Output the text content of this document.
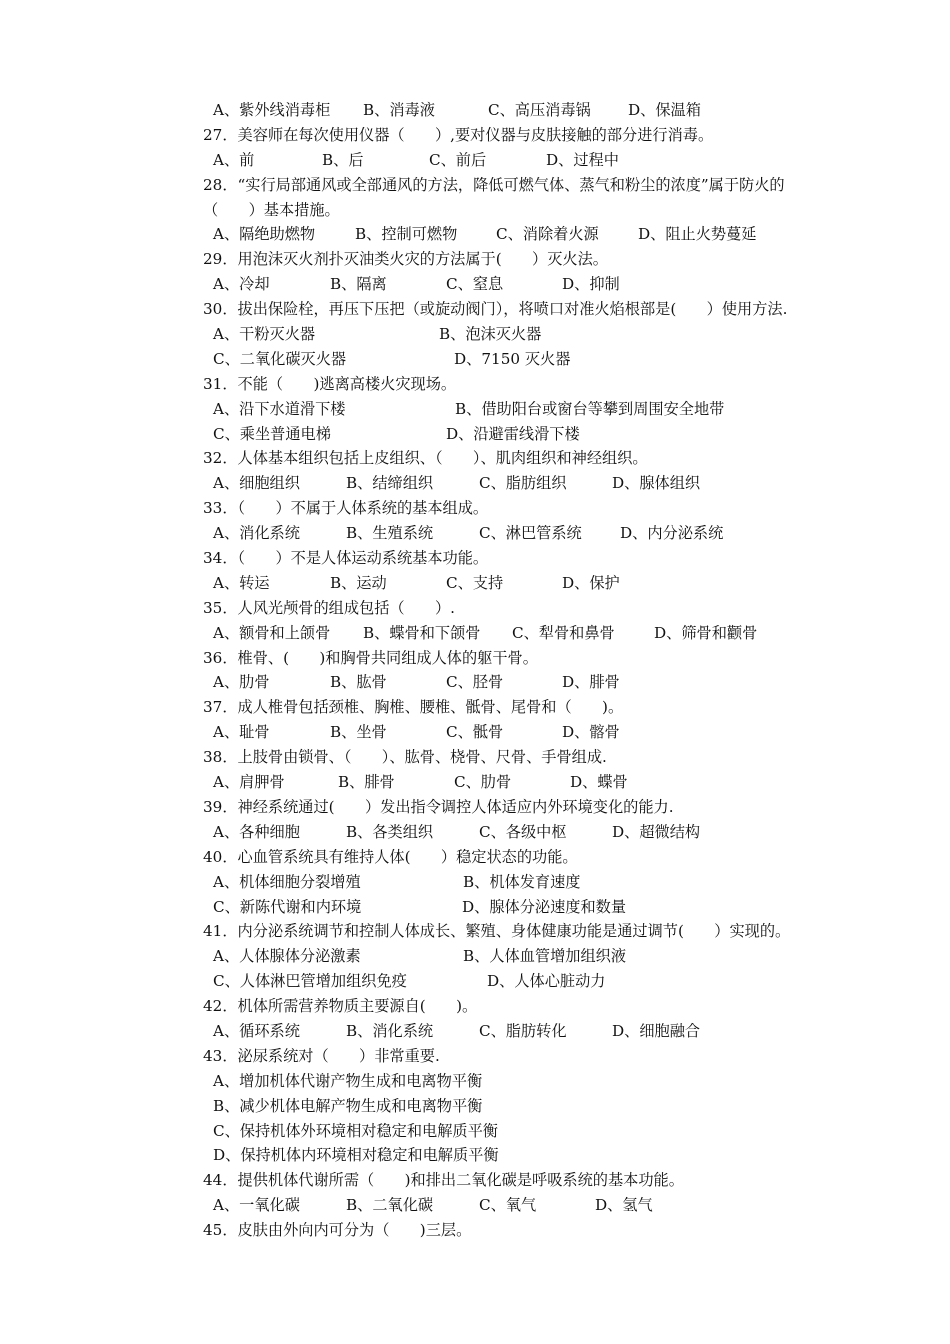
A、紫外线消毒柜 B、消毒液	C、高压消毒锅 D、保温箱
27．美容师在每次使用仪器（　　）,要对仪器与皮肤接触的部分进行消毒。
A、前	B、后	C、前后	D、过程中
28．“实行局部通风或全部通风的方法，降低可燃气体、蒸气和粉尘的浓度”属于防火的
（　　）基本措施。
A、隔绝助燃物	B、控制可燃物	C、消除着火源	D、阻止火势蔓延
29．用泡沫灭火剂扑灭油类火灾的方法属于(　　）灭火法。
A、冷却	B、隔离	C、窒息	D、抑制
30．拔出保险栓，再压下压把（或旋动阀门），将喷口对准火焰根部是(　　）使用方法.
A、干粉灭火器	B、泡沫灭火器
C、二氧化碳灭火器	D、7150 灭火器
31．不能（　　)逃离高楼火灾现场。
A、沿下水道滑下楼	B、借助阳台或窗台等攀到周围安全地带
C、乘坐普通电梯	D、沿避雷线滑下楼
32．人体基本组织包括上皮组织、（　　）、肌肉组织和神经组织。
A、细胞组织	B、结缔组织	C、脂肪组织	D、腺体组织
33．（　　）不属于人体系统的基本组成。
A、消化系统	B、生殖系统	C、淋巴管系统	D、内分泌系统
34．（　　）不是人体运动系统基本功能。
A、转运	B、运动	C、支持	D、保护
35．人风光颅骨的组成包括（　　）.
A、额骨和上颌骨 B、蝶骨和下颌骨 C、犁骨和鼻骨	D、筛骨和颧骨
36．椎骨、(　　)和胸骨共同组成人体的躯干骨。
A、肋骨	B、肱骨	C、胫骨	D、腓骨
37．成人椎骨包括颈椎、胸椎、腰椎、骶骨、尾骨和（　　)。
A、耻骨	B、坐骨	C、骶骨	D、髂骨
38．上肢骨由锁骨、（　　）、肱骨、桡骨、尺骨、手骨组成.
A、肩胛骨	B、腓骨	C、肋骨	D、蝶骨
39．神经系统通过(　　）发出指令调控人体适应内外环境变化的能力.
A、各种细胞	B、各类组织	C、各级中枢	D、超微结构
40．心血管系统具有维持人体(　　）稳定状态的功能。
A、机体细胞分裂增殖	B、机体发育速度
C、新陈代谢和内环境	D、腺体分泌速度和数量
41．内分泌系统调节和控制人体成长、繁殖、身体健康功能是通过调节(　　）实现的。
A、人体腺体分泌激素	B、人体血管增加组织液
C、人体淋巴管增加组织免疫	D、人体心脏动力
42．机体所需营养物质主要源自(　　)。
A、循环系统	B、消化系统	C、脂肪转化	D、细胞融合
43．泌尿系统对（　　）非常重要.
A、增加机体代谢产物生成和电离物平衡
B、减少机体电解产物生成和电离物平衡
C、保持机体外环境相对稳定和电解质平衡
D、保持机体内环境相对稳定和电解质平衡
44．提供机体代谢所需（　　)和排出二氧化碳是呼吸系统的基本功能。
A、一氧化碳	B、二氧化碳	C、氧气	D、氢气
45．皮肤由外向内可分为（　　)三层。
